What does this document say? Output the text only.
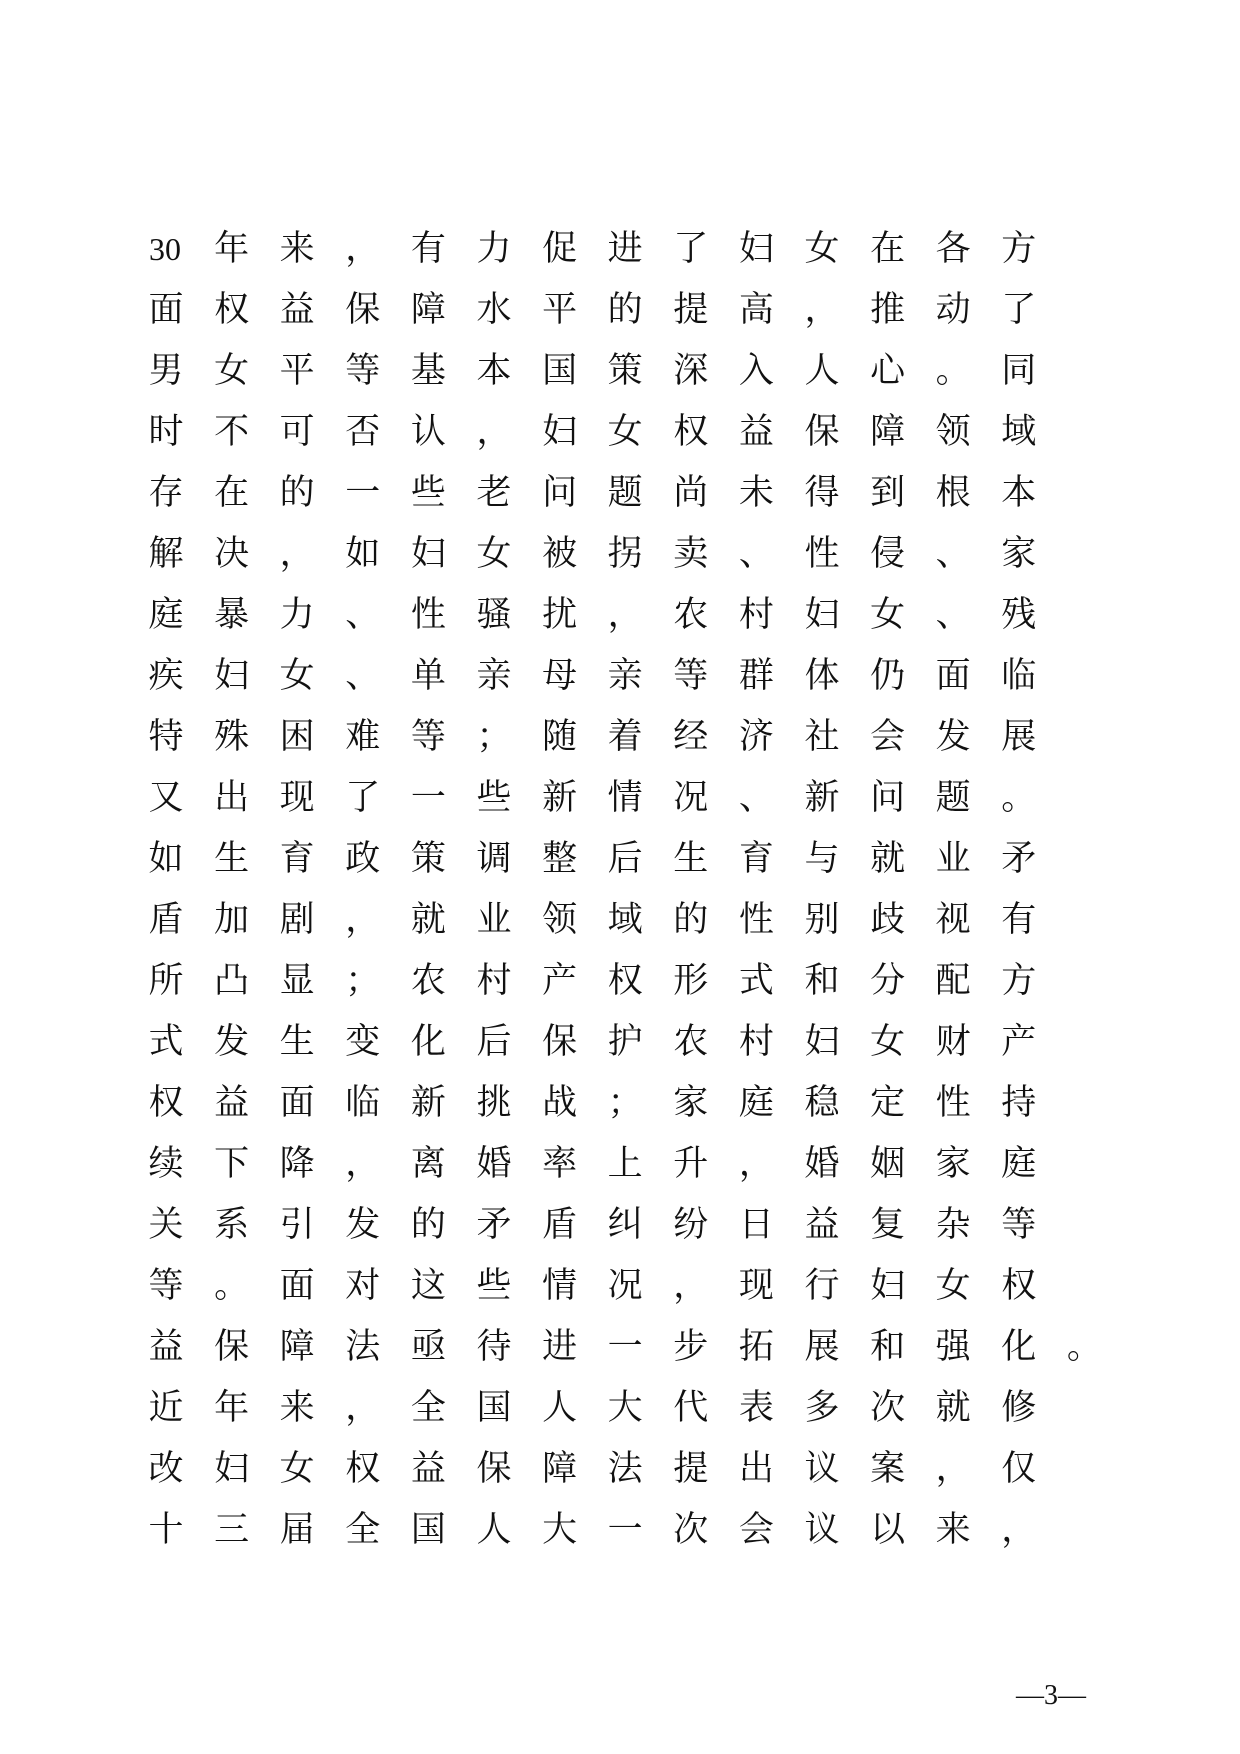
30 年 来 ， 有 力 促 进 了 妇 女 在 各 方
面 权 益 保 障 水 平 的 提 高 ， 推 动 了
男 女 平 等 基 本 国 策 深 入 人 心 。 同
时 不 可 否 认 ， 妇 女 权 益 保 障 领 域
存 在 的 一 些 老 问 题 尚 未 得 到 根 本
解 决 ， 如 妇 女 被 拐 卖 、 性 侵 、 家
庭 暴 力 、 性 骚 扰 ， 农 村 妇 女 、 残
疾 妇 女 、 单 亲 母 亲 等 群 体 仍 面 临
特 殊 困 难 等 ； 随 着 经 济 社 会 发 展
又 出 现 了 一 些 新 情 况 、 新 问 题 。
如 生 育 政 策 调 整 后 生 育 与 就 业 矛
盾 加 剧 ， 就 业 领 域 的 性 别 歧 视 有
所 凸 显 ； 农 村 产 权 形 式 和 分 配 方
式 发 生 变 化 后 保 护 农 村 妇 女 财 产
权 益 面 临 新 挑 战 ； 家 庭 稳 定 性 持
续 下 降 ， 离 婚 率 上 升 ， 婚 姻 家 庭
关 系 引 发 的 矛 盾 纠 纷 日 益 复 杂 等
等 。 面 对 这 些 情 况 ， 现 行 妇 女 权
益 保 障 法 亟 待 进 一 步 拓 展 和 强 化 。
近 年 来 ， 全 国 人 大 代 表 多 次 就 修
改 妇 女 权 益 保 障 法 提 出 议 案 ， 仅
十 三 届 全 国 人 大 一 次 会 议 以 来 ，
—3—
